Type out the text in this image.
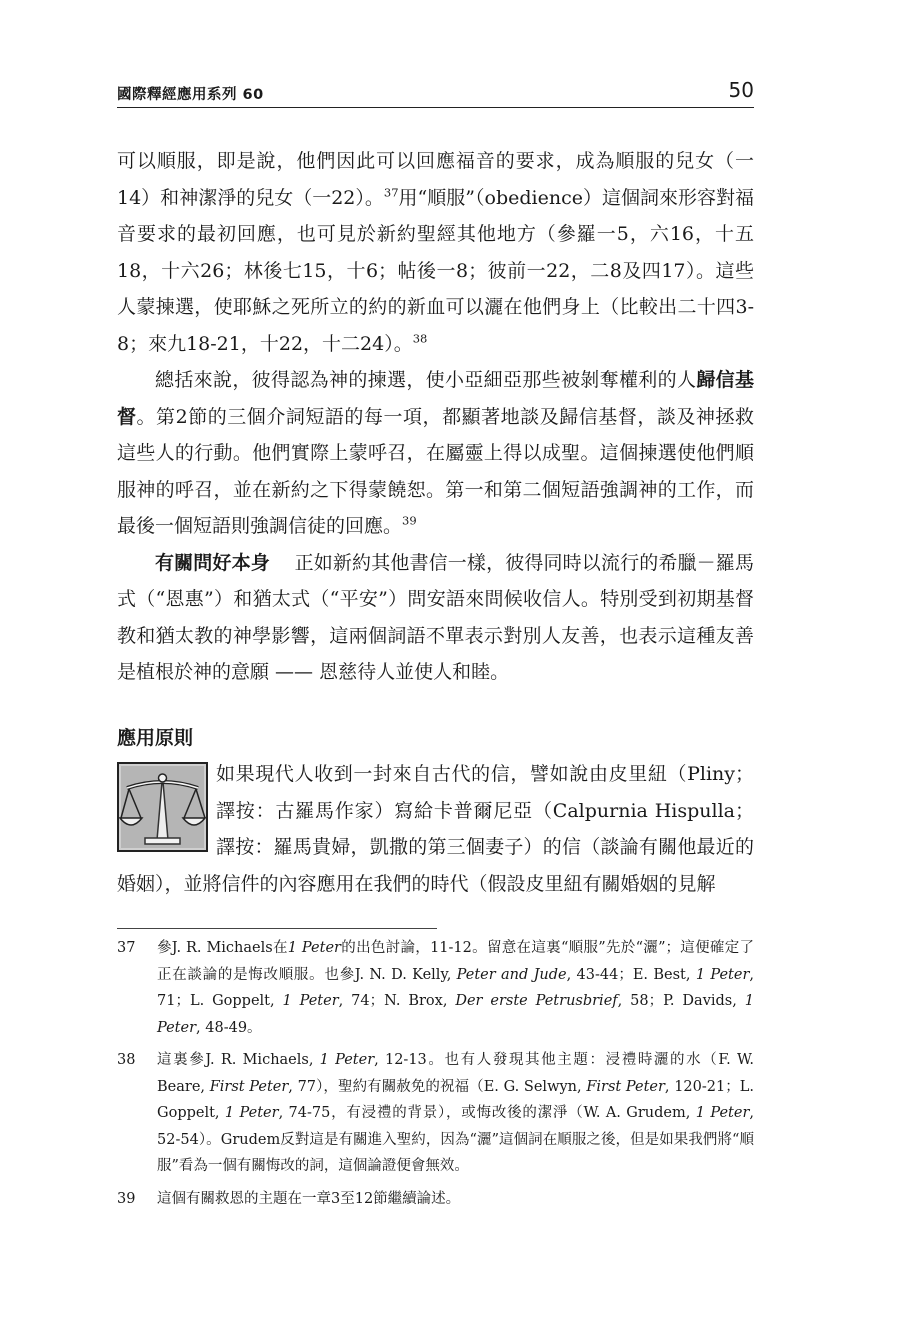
國際釋經應用系列 60	50

可以順服，即是說，他們因此可以回應福音的要求，成為順服的兒女（一14）和神潔淨的兒女（一22）。$^{37}$用“順服”（obedience）這個詞來形容對福音要求的最初回應，也可見於新約聖經其他地方（參羅一5，六16，十五18，十六26；林後七15，十6；帖後一8；彼前一22，二8及四17）。這些人蒙揀選，使耶穌之死所立的約的新血可以灑在他們身上（比較出二十四3-8；來九18-21，十22，十二24）。$^{38}$

總括來說，彼得認為神的揀選，使小亞細亞那些被剝奪權利的人歸信基督。第2節的三個介詞短語的每一項，都顯著地談及歸信基督，談及神拯救這些人的行動。他們實際上蒙呼召，在屬靈上得以成聖。這個揀選使他們順服神的呼召，並在新約之下得蒙饒恕。第一和第二個短語強調神的工作，而最後一個短語則強調信徒的回應。$^{39}$

有關問好本身 正如新約其他書信一樣，彼得同時以流行的希臘－羅馬式（“恩惠”）和猶太式（“平安”）問安語來問候收信人。特別受到初期基督教和猶太教的神學影響，這兩個詞語不單表示對別人友善，也表示這種友善是植根於神的意願 —— 恩慈待人並使人和睦。

應用原則
如果現代人收到一封來自古代的信，譬如說由皮里紐（Pliny；譯按：古羅馬作家）寫給卡普爾尼亞（Calpurnia Hispulla；譯按：羅馬貴婦，凱撒的第三個妻子）的信（談論有關他最近的婚姻），並將信件的內容應用在我們的時代（假設皮里紐有關婚姻的見解
37	參J. R. Michaels在1 Peter的出色討論，11-12。留意在這裏“順服”先於“灑”；這便確定了正在談論的是悔改順服。也參J. N. D. Kelly, Peter and Jude, 43-44；E. Best, 1 Peter, 71；L. Goppelt, 1 Peter, 74；N. Brox, Der erste Petrusbrief, 58；P. Davids, 1 Peter, 48-49。
38	這裏參J. R. Michaels, 1 Peter, 12-13。也有人發現其他主題：浸禮時灑的水（F. W. Beare, First Peter, 77），聖約有關赦免的祝福（E. G. Selwyn, First Peter, 120-21；L. Goppelt, 1 Peter, 74-75，有浸禮的背景），或悔改後的潔淨（W. A. Grudem, 1 Peter, 52-54）。Grudem反對這是有關進入聖約，因為“灑”這個詞在順服之後，但是如果我們將“順服”看為一個有關悔改的詞，這個論證便會無效。
39	這個有關救恩的主題在一章3至12節繼續論述。
